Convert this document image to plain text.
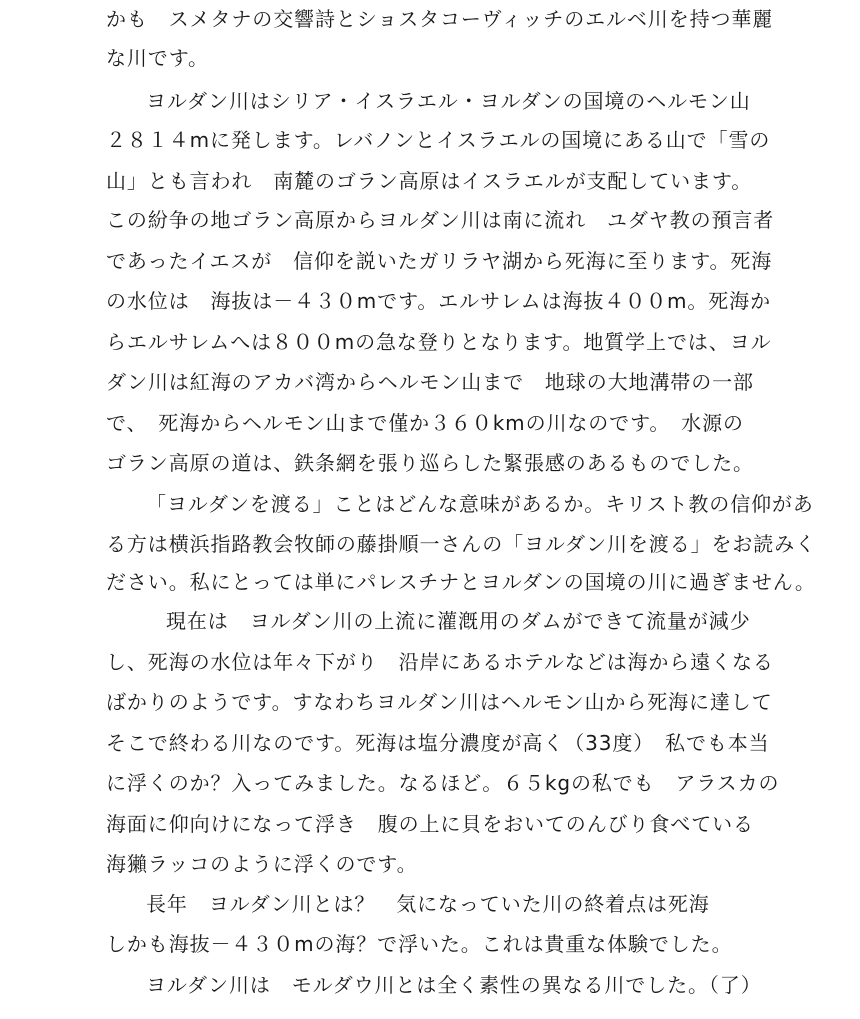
かも　スメタナの交響詩とショスタコーヴィッチのエルベ川を持つ華麗
な川です。
ヨルダン川はシリア・イスラエル・ヨルダンの国境のヘルモン山
２８１４mに発します。レバノンとイスラエルの国境にある山で「雪の
山」とも言われ　南麓のゴラン高原はイスラエルが支配しています。
この紛争の地ゴラン高原からヨルダン川は南に流れ　ユダヤ教の預言者
であったイエスが　信仰を説いたガリラヤ湖から死海に至ります。死海
の水位は　海抜は－４３０mです。エルサレムは海抜４００m。死海か
らエルサレムへは８００mの急な登りとなります。地質学上では、ヨル
ダン川は紅海のアカバ湾からヘルモン山まで　地球の大地溝帯の一部
で、　死海からヘルモン山まで僅か３６０kmの川なのです。　水源の
ゴラン高原の道は、鉄条網を張り巡らした緊張感のあるものでした。
「ヨルダンを渡る」ことはどんな意味があるか。キリスト教の信仰があ
る方は横浜指路教会牧師の藤掛順一さんの「ヨルダン川を渡る」をお読みく
ださい。私にとっては単にパレスチナとヨルダンの国境の川に過ぎません。
現在は　ヨルダン川の上流に灌漑用のダムができて流量が減少
し、死海の水位は年々下がり　沿岸にあるホテルなどは海から遠くなる
ばかりのようです。すなわちヨルダン川はヘルモン山から死海に達して
そこで終わる川なのです。死海は塩分濃度が高く（33度）　私でも本当
に浮くのか？入ってみました。なるほど。６５kgの私でも　アラスカの
海面に仰向けになって浮き　腹の上に貝をおいてのんびり食べている
海獺ラッコのように浮くのです。
長年　ヨルダン川とは？　気になっていた川の終着点は死海
しかも海抜－４３０mの海？で浮いた。これは貴重な体験でした。
ヨルダン川は　モルダウ川とは全く素性の異なる川でした。（了）
